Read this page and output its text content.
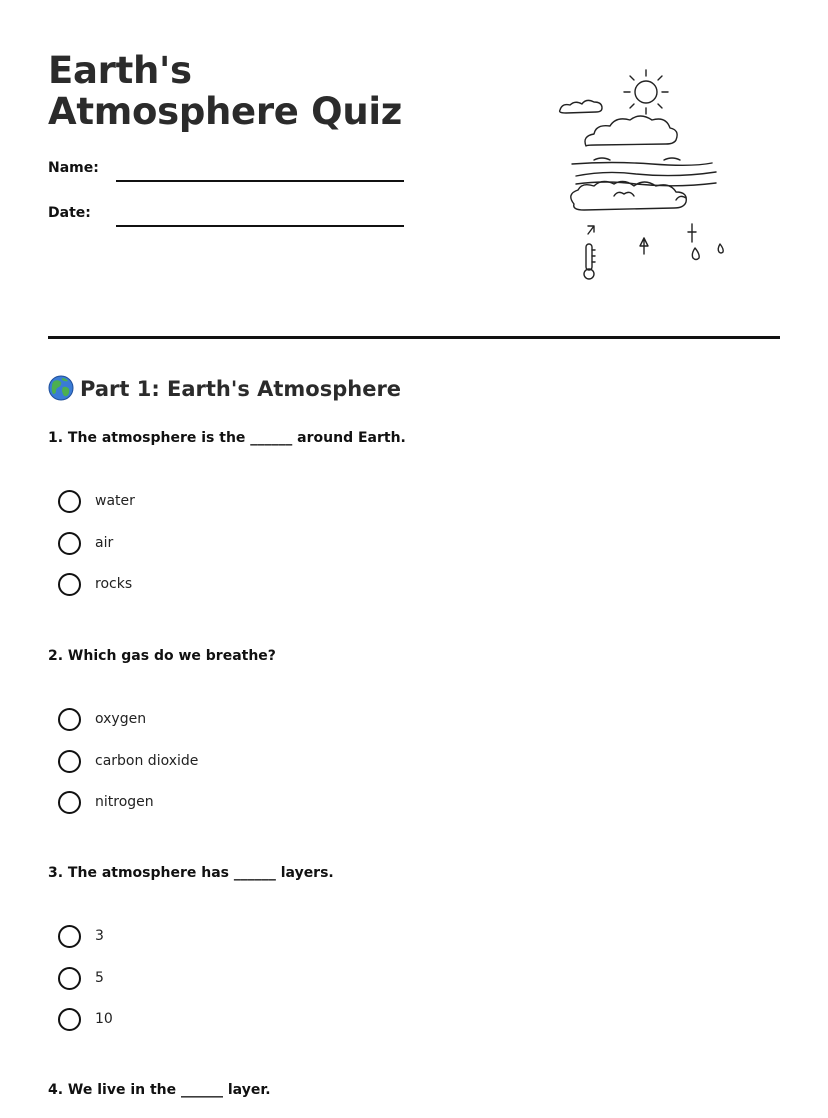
Earth's Atmosphere Quiz
Name:
Date:
Part 1: Earth's Atmosphere

1. The atmosphere is the ______ around Earth.

water
air
rocks

2. Which gas do we breathe?

oxygen
carbon dioxide
nitrogen

3. The atmosphere has ______ layers.

3
5
10

4. We live in the ______ layer.
